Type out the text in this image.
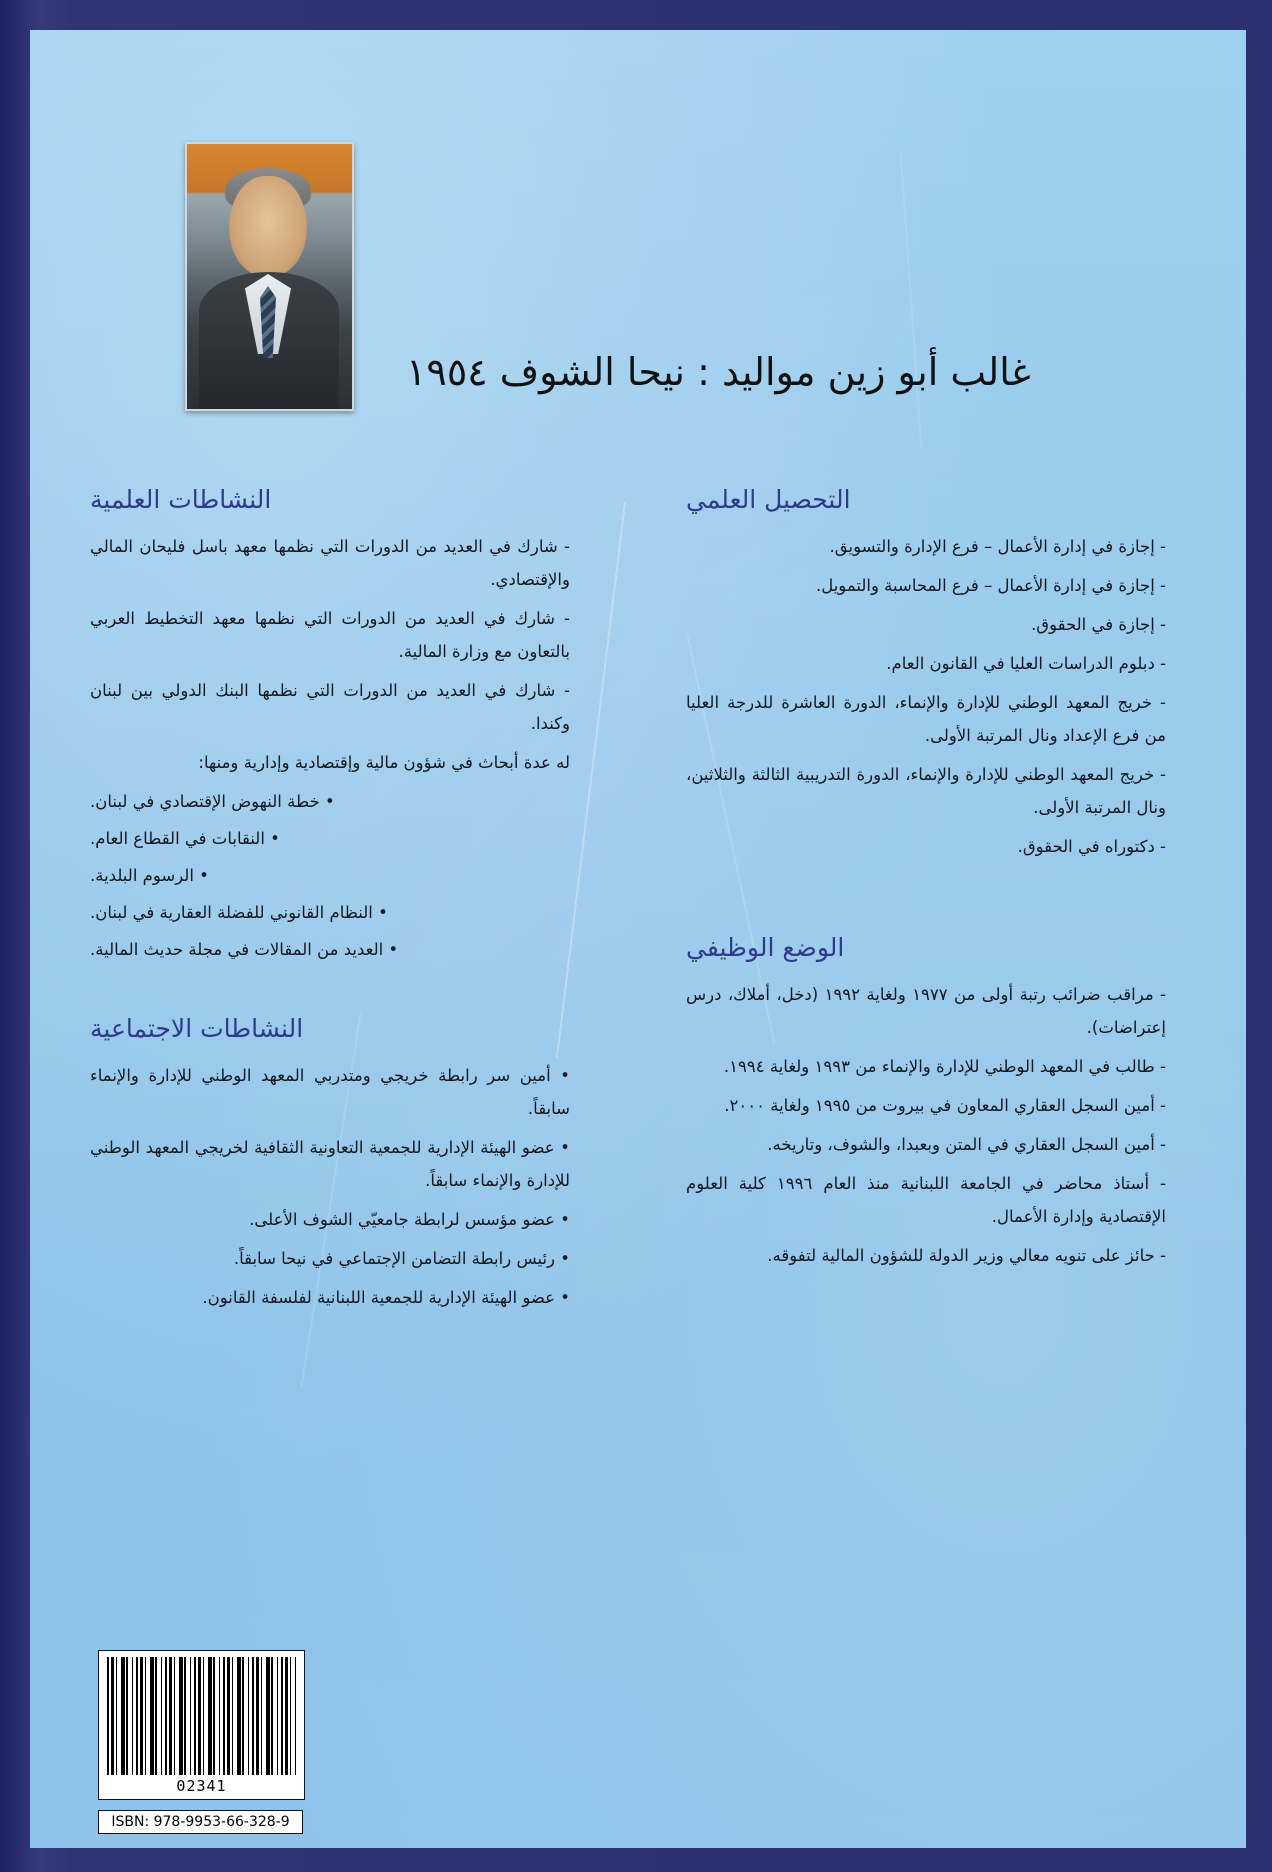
غالب أبو زين مواليد : نيحا الشوف ١٩٥٤
التحصيل العلمي
- إجازة في إدارة الأعمال – فرع الإدارة والتسويق.
- إجازة في إدارة الأعمال – فرع المحاسبة والتمويل.
- إجازة في الحقوق.
- دبلوم الدراسات العليا في القانون العام.
- خريج المعهد الوطني للإدارة والإنماء، الدورة العاشرة للدرجة العليا من فرع الإعداد ونال المرتبة الأولى.
- خريج المعهد الوطني للإدارة والإنماء، الدورة التدريبية الثالثة والثلاثين، ونال المرتبة الأولى.
- دكتوراه في الحقوق.
الوضع الوظيفي
- مراقب ضرائب رتبة أولى من ١٩٧٧ ولغاية ١٩٩٢ (دخل، أملاك، درس إعتراضات).
- طالب في المعهد الوطني للإدارة والإنماء من ١٩٩٣ ولغاية ١٩٩٤.
- أمين السجل العقاري المعاون في بيروت من ١٩٩٥ ولغاية ٢٠٠٠.
- أمين السجل العقاري في المتن وبعبدا، والشوف، وتاريخه.
- أستاذ محاضر في الجامعة اللبنانية منذ العام ١٩٩٦ كلية العلوم الإقتصادية وإدارة الأعمال.
- حائز على تنويه معالي وزير الدولة للشؤون المالية لتفوقه.
النشاطات العلمية
- شارك في العديد من الدورات التي نظمها معهد باسل فليحان المالي والإقتصادي.
- شارك في العديد من الدورات التي نظمها معهد التخطيط العربي بالتعاون مع وزارة المالية.
- شارك في العديد من الدورات التي نظمها البنك الدولي بين لبنان وكندا.
له عدة أبحاث في شؤون مالية وإقتصادية وإدارية ومنها:
• خطة النهوض الإقتصادي في لبنان.
• النقابات في القطاع العام.
• الرسوم البلدية.
• النظام القانوني للفضلة العقارية في لبنان.
• العديد من المقالات في مجلة حديث المالية.
النشاطات الاجتماعية
• أمين سر رابطة خريجي ومتدربي المعهد الوطني للإدارة والإنماء سابقاً.
• عضو الهيئة الإدارية للجمعية التعاونية الثقافية لخريجي المعهد الوطني للإدارة والإنماء سابقاً.
• عضو مؤسس لرابطة جامعيّي الشوف الأعلى.
• رئيس رابطة التضامن الإجتماعي في نيحا سابقاً.
• عضو الهيئة الإدارية للجمعية اللبنانية لفلسفة القانون.
02341
ISBN: 978-9953-66-328-9
